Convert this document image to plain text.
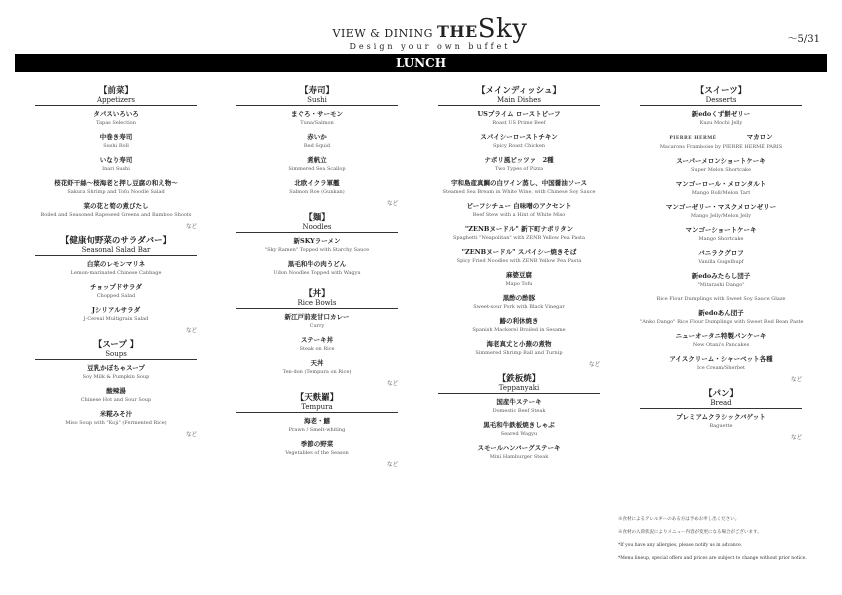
VIEW & DINING THESky
Design your own buffet
～5/31
LUNCH
【前菜】
Appetizers
タパスいろいろ
Tapas Selection
中巻き寿司
Sushi Roll
いなり寿司
Inari Sushi
桜花虾干絲～桜海老と押し豆腐の和え物～
Sakura Shrimp and Tofu Noodle Salad
菜の花と筍の煮びたし
Boiled and Seasoned Rapeseed Greens and Bamboo Shoots
など
【健康旬野菜のサラダバー】
Seasonal Salad Bar
白菜のレモンマリネ
Lemon-marinated Chinese Cabbage
チョップドサラダ
Chopped Salad
Jシリアルサラダ
J-Cereal Multigrain Salad
など
【スープ 】
Soups
豆乳かぼちゃスープ
Soy Milk & Pumpkin Soup
酸辣湯
Chinese Hot and Sour Soup
米糀みそ汁
Miso Soup with "Koji" (Fermented Rice)
など
【寿司】
Sushi
まぐろ・サーモン
Tuna/Salmon
赤いか
Red Squid
煮帆立
Simmered Sea Scallop
北欧イクラ軍艦
Salmon Roe (Gunkan)
など
【麺】
Noodles
新SKYラーメン
"Sky Ramen" Topped with Starchy Sauce
黒毛和牛の肉うどん
Udon Noodles Topped with Wagyu
【丼】
Rice Bowls
新江戸前麦甘口カレー
Curry
ステーキ丼
Steak on Rice
天丼
Ten-don (Tempura on Rice)
など
【天麩羅】
Tempura
海老・鱚
Prawn / Smelt-whiting
季節の野菜
Vegetables of the Season
など
【メインディッシュ】
Main Dishes
USプライム ローストビーフ
Roast US Prime Beef
スパイシーローストチキン
Spicy Roast Chicken
ナポリ風ピッツァ　2種
Two Types of Pizza
宇和島産真鯛の白ワイン蒸し、中国醤油ソース
Steamed Sea Bream in White Wine, with Chinese Soy Sauce
ビーフシチュー 白味噌のアクセント
Beef Stew with a Hint of White Miso
"ZENBヌードル" 新下町ナポリタン
Spaghetti "Neapolitan" with ZENB Yellow Pea Pasta
"ZENBヌードル" スパイシー焼きそば
Spicy Fried Noodles with ZENB Yellow Pea Pasta
麻婆豆腐
Mapo Tofu
黒酢の酢豚
Sweet-sour Pork with Black Vinegar
鰆の利休焼き
Spanish Mackerel Broiled in Sesame
海老真丈と小蕪の煮物
Simmered Shrimp Ball and Turnip
など
【鉄板焼】
Teppanyaki
国産牛ステーキ
Domestic Beef Steak
黒毛和牛鉄板焼きしゃぶ
Seared Wagyu
スモールハンバーグステーキ
Mini Hamburger Steak
【スイーツ】
Desserts
新edoくず餅ゼリー
Kuzu Mochi Jelly
PIERRE HERMÉ	マカロン
Macarons Framboise by PIERRE HERMÉ PARIS
スーパーメロンショートケーキ
Super Melon Shortcake
マンゴーロール・メロンタルト
Mango Roll/Melon Tart
マンゴーゼリー・マスクメロンゼリー
Mango Jelly/Melon Jelly
マンゴーショートケーキ
Mango Shortcake
バニラクグロフ
Vanilla Gugelhupf
新edoみたらし団子
"Mitarashi Dango"
Rice Flour Dumplings with Sweet Soy Sauce Glaze
新edoあん団子
"Anko Dango" Rice Flour Dumplings with Sweet Red Bean Paste
ニューオータニ特製パンケーキ
New Otani's Pancakes
アイスクリーム・シャーベット各種
Ice Cream/Sherbet
など
【パン】
Bread
プレミアムクラシックバゲット
Baguette
など
※食材によるアレルギーのある方は予めお申し出ください。
※食材の入荷状況によりメニュー内容が変更になる場合がございます。
*If you have any allergies, please notify us in advance.
*Menu lineup, special offers and prices are subject to change without prior notice.
